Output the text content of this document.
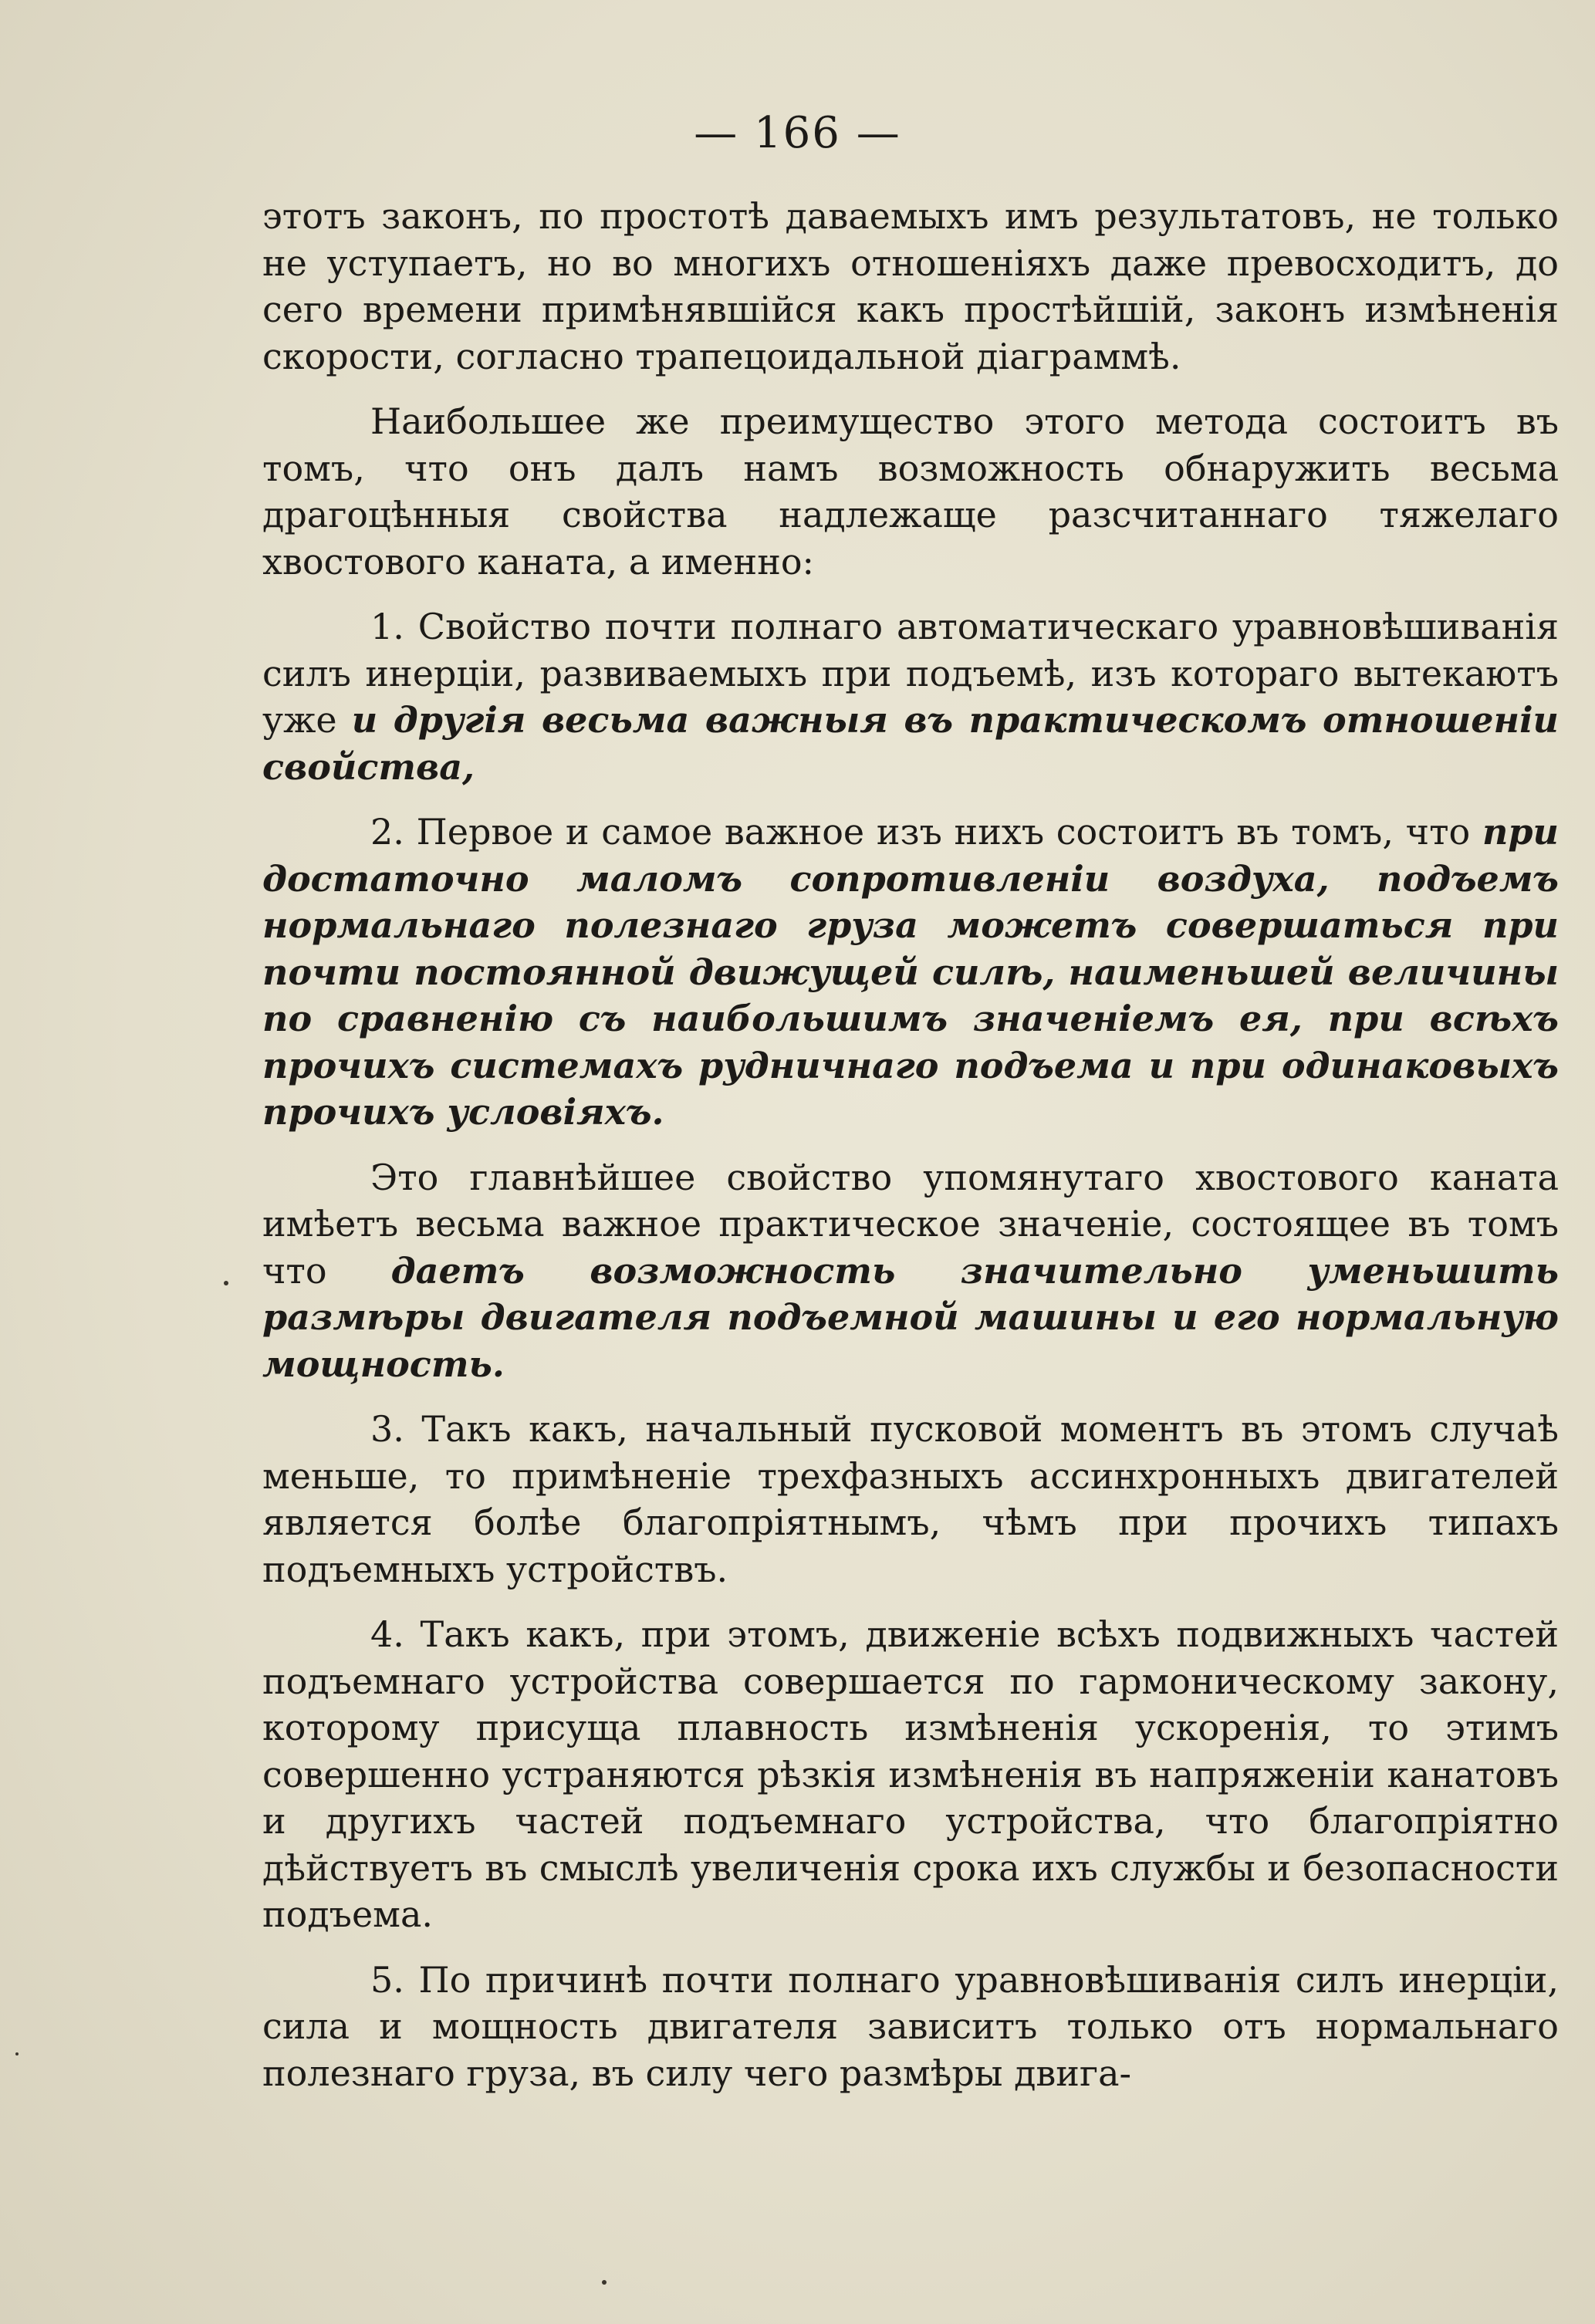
— 166 —

этотъ законъ, по простотѣ даваемыхъ имъ результатовъ, не только не уступаетъ, но во многихъ отношеніяхъ даже превосходитъ, до сего времени примѣнявшійся какъ простѣйшій, законъ измѣненія скорости, согласно трапецоидальной діаграммѣ.

Наибольшее же преимущество этого метода состоитъ въ томъ, что онъ далъ намъ возможность обнаружить весьма драгоцѣнныя свойства надлежаще разсчитаннаго тяжелаго хвостового каната, а именно:

1. Свойство почти полнаго автоматическаго уравновѣшиванія силъ инерціи, развиваемыхъ при подъемѣ, изъ котораго вытекаютъ уже и другія весьма важныя въ практическомъ отношеніи свойства,

2. Первое и самое важное изъ нихъ состоитъ въ томъ, что при достаточно маломъ сопротивленіи воздуха, подъемъ нормальнаго полезнаго груза можетъ совершаться при почти постоянной движущей силѣ, наименьшей величины по сравненію съ наибольшимъ значеніемъ ея, при всѣхъ прочихъ системахъ рудничнаго подъема и при одинаковыхъ прочихъ условіяхъ.

Это главнѣйшее свойство упомянутаго хвостового каната имѣетъ весьма важное практическое значеніе, состоящее въ томъ что даетъ возможность значительно уменьшить размѣры двигателя подъемной машины и его нормальную мощность.

3. Такъ какъ, начальный пусковой моментъ въ этомъ случаѣ меньше, то примѣненіе трехфазныхъ ассинхронныхъ двигателей является болѣе благопріятнымъ, чѣмъ при прочихъ типахъ подъемныхъ устройствъ.

4. Такъ какъ, при этомъ, движеніе всѣхъ подвижныхъ частей подъемнаго устройства совершается по гармоническому закону, которому присуща плавность измѣненія ускоренія, то этимъ совершенно устраняются рѣзкія измѣненія въ напряженіи канатовъ и другихъ частей подъемнаго устройства, что благопріятно дѣйствуетъ въ смыслѣ увеличенія срока ихъ службы и безопасности подъема.

5. По причинѣ почти полнаго уравновѣшиванія силъ инерціи, сила и мощность двигателя зависитъ только отъ нормальнаго полезнаго груза, въ силу чего размѣры двига-
